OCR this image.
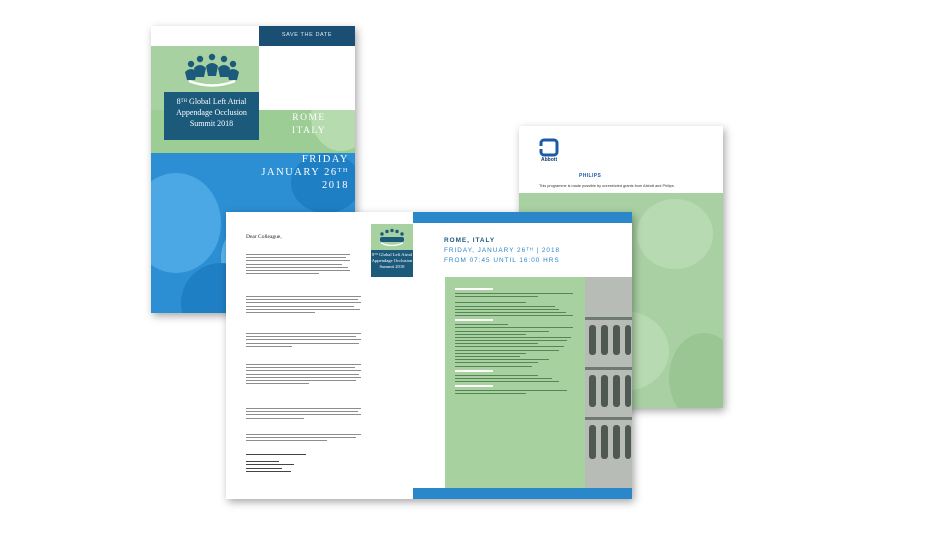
Abbott
PHILIPS
This programme is made possible by unrestricted grants from Abbott and Philips.
SAVE THE DATE
8ᵀᴴ Global Left Atrial
Appendage Occlusion
Summit 2018
ROME
ITALY
FRIDAY
JANUARY 26ᵀᴴ
2018
8ᵀᴴ Global Left Atrial
Appendage Occlusion
Summit 2018
Dear Colleague,	ROME, ITALY
FRIDAY, JANUARY 26ᵀᴴ | 2018
FROM 07:45 UNTIL 16:00 HRS
